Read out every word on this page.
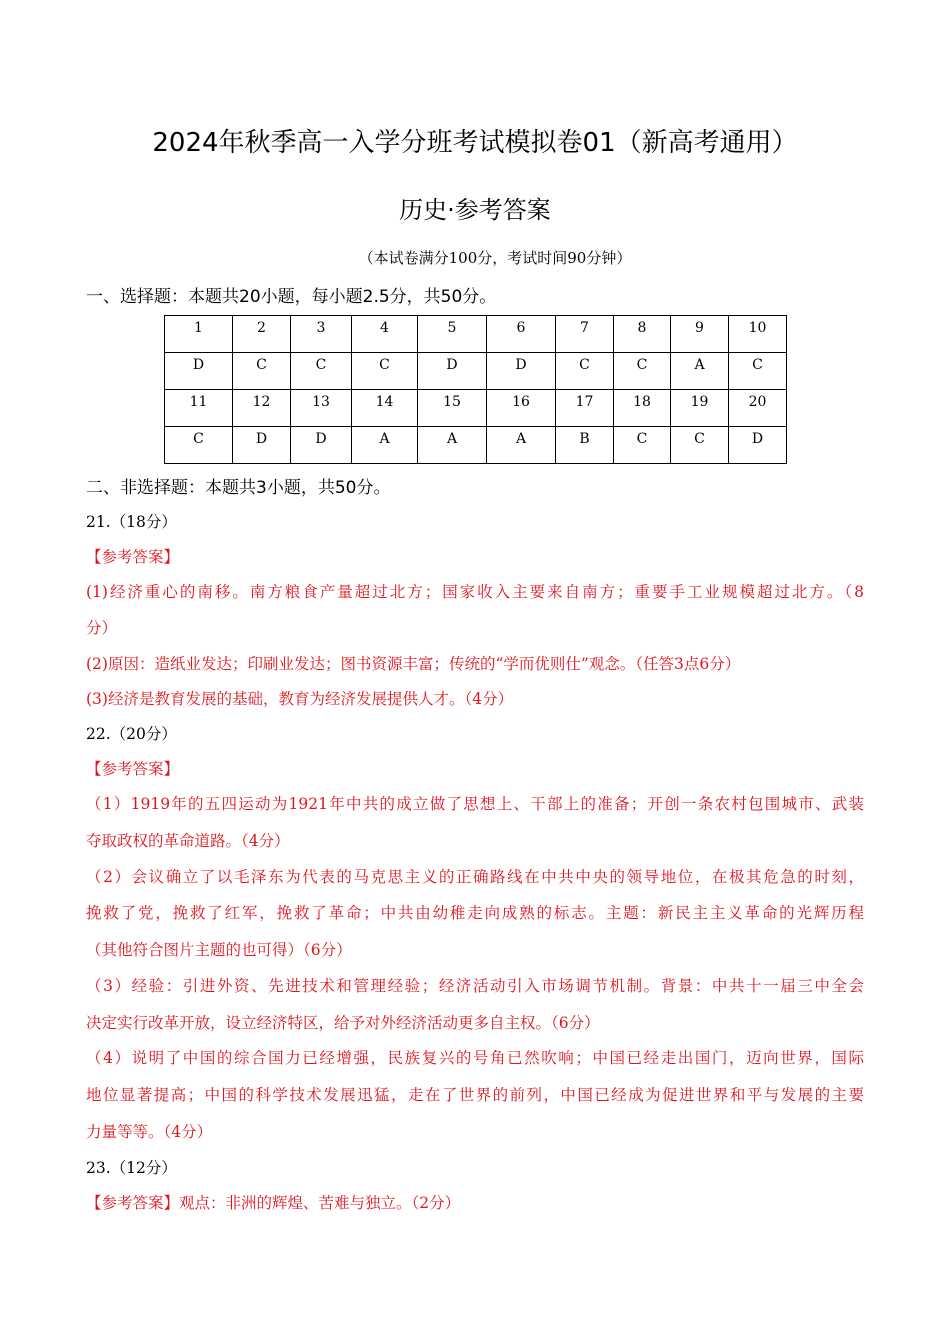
2024年秋季高一入学分班考试模拟卷01（新高考通用）
历史·参考答案
（本试卷满分100分，考试时间90分钟）
一、选择题：本题共20小题，每小题2.5分，共50分。
1	2	3	4	5	6	7	8	9	10
D	C	C	C	D	D	C	C	A	C
11	12	13	14	15	16	17	18	19	20
C	D	D	A	A	A	B	C	C	D
二、非选择题：本题共3小题，共50分。
21.（18分）
【参考答案】
(1)经济重心的南移。南方粮食产量超过北方；国家收入主要来自南方；重要手工业规模超过北方。（8
分）
(2)原因：造纸业发达；印刷业发达；图书资源丰富；传统的“学而优则仕”观念。（任答3点6分）
(3)经济是教育发展的基础，教育为经济发展提供人才。（4分）
22.（20分）
【参考答案】
（1）1919年的五四运动为1921年中共的成立做了思想上、干部上的准备；开创一条农村包围城市、武装
夺取政权的革命道路。（4分）
（2）会议确立了以毛泽东为代表的马克思主义的正确路线在中共中央的领导地位，在极其危急的时刻，
挽救了党，挽救了红军，挽救了革命；中共由幼稚走向成熟的标志。主题：新民主主义革命的光辉历程
（其他符合图片主题的也可得）（6分）
（3）经验：引进外资、先进技术和管理经验；经济活动引入市场调节机制。背景：中共十一届三中全会
决定实行改革开放，设立经济特区，给予对外经济活动更多自主权。（6分）
（4）说明了中国的综合国力已经增强，民族复兴的号角已然吹响；中国已经走出国门，迈向世界，国际
地位显著提高；中国的科学技术发展迅猛，走在了世界的前列，中国已经成为促进世界和平与发展的主要
力量等等。（4分）
23.（12分）
【参考答案】观点：非洲的辉煌、苦难与独立。（2分）
